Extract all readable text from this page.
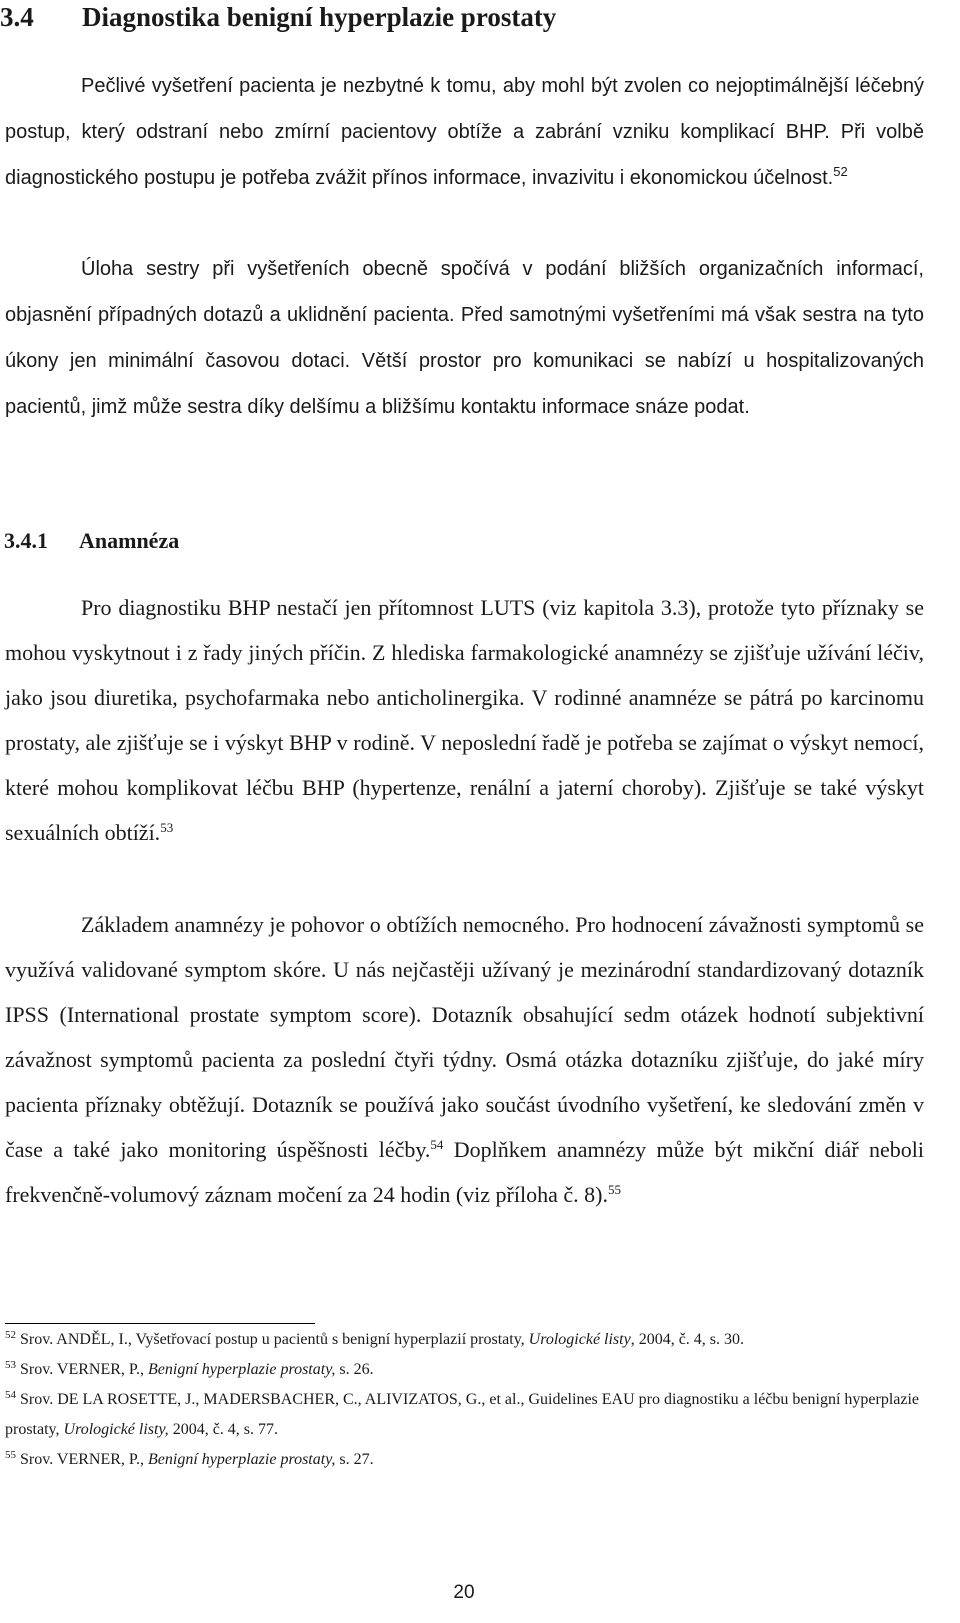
3.4 Diagnostika benigní hyperplazie prostaty

Pečlivé vyšetření pacienta je nezbytné k tomu, aby mohl být zvolen co nejoptimálnější léčebný postup, který odstraní nebo zmírní pacientovy obtíže a zabrání vzniku komplikací BHP. Při volbě diagnostického postupu je potřeba zvážit přínos informace, invazivitu i ekonomickou účelnost.$^{52}$

Úloha sestry při vyšetřeních obecně spočívá v podání bližších organizačních informací, objasnění případných dotazů a uklidnění pacienta. Před samotnými vyšetřeními má však sestra na tyto úkony jen minimální časovou dotaci. Větší prostor pro komunikaci se nabízí u hospitalizovaných pacientů, jimž může sestra díky delšímu a bližšímu kontaktu informace snáze podat.

3.4.1 Anamnéza

Pro diagnostiku BHP nestačí jen přítomnost LUTS (viz kapitola 3.3), protože tyto příznaky se mohou vyskytnout i z řady jiných příčin. Z hlediska farmakologické anamnézy se zjišťuje užívání léčiv, jako jsou diuretika, psychofarmaka nebo anticholinergika. V rodinné anamnéze se pátrá po karcinomu prostaty, ale zjišťuje se i výskyt BHP v rodině. V neposlední řadě je potřeba se zajímat o výskyt nemocí, které mohou komplikovat léčbu BHP (hypertenze, renální a jaterní choroby). Zjišťuje se také výskyt sexuálních obtíží.$^{53}$

Základem anamnézy je pohovor o obtížích nemocného. Pro hodnocení závažnosti symptomů se využívá validované symptom skóre. U nás nejčastěji užívaný je mezinárodní standardizovaný dotazník IPSS (International prostate symptom score). Dotazník obsahující sedm otázek hodnotí subjektivní závažnost symptomů pacienta za poslední čtyři týdny. Osmá otázka dotazníku zjišťuje, do jaké míry pacienta příznaky obtěžují. Dotazník se používá jako součást úvodního vyšetření, ke sledování změn v čase a také jako monitoring úspěšnosti léčby.$^{54}$ Doplňkem anamnézy může být mikční diář neboli frekvenčně-volumový záznam močení za 24 hodin (viz příloha č. 8).$^{55}$

$^{52}$ Srov. ANDĚL, I., Vyšetřovací postup u pacientů s benigní hyperplazií prostaty, Urologické listy, 2004, č. 4, s. 30.

$^{53}$ Srov. VERNER, P., Benigní hyperplazie prostaty, s. 26.

$^{54}$ Srov. DE LA ROSETTE, J., MADERSBACHER, C., ALIVIZATOS, G., et al., Guidelines EAU pro diagnostiku a léčbu benigní hyperplazie prostaty, Urologické listy, 2004, č. 4, s. 77.

$^{55}$ Srov. VERNER, P., Benigní hyperplazie prostaty, s. 27.

20
